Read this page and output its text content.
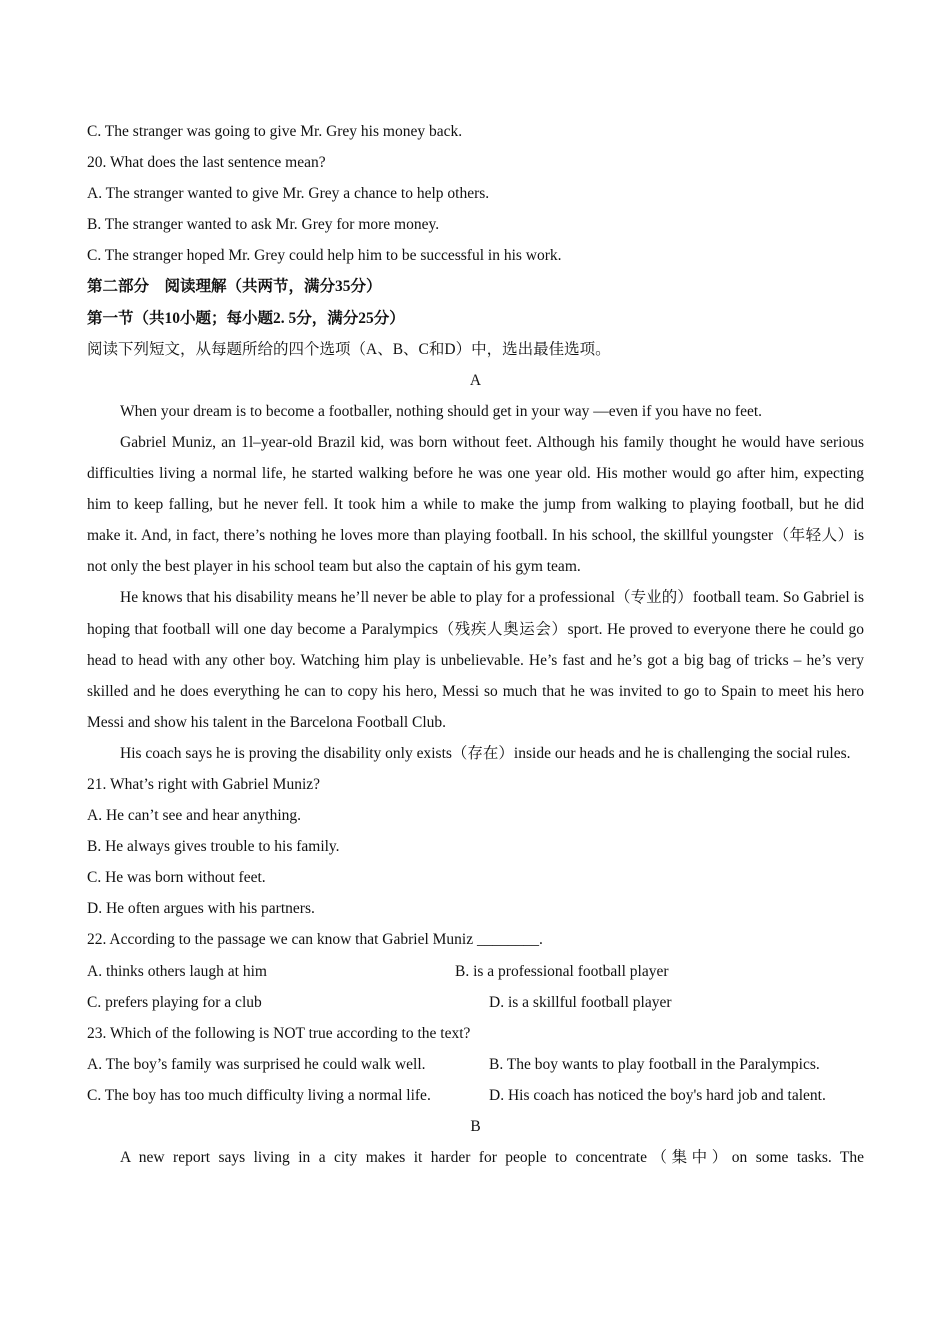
C. The stranger was going to give Mr. Grey his money back.
20. What does the last sentence mean?
A. The stranger wanted to give Mr. Grey a chance to help others.
B. The stranger wanted to ask Mr. Grey for more money.
C. The stranger hoped Mr. Grey could help him to be successful in his work.
第二部分　阅读理解（共两节，满分35分）
第一节（共10小题；每小题2. 5分，满分25分）
阅读下列短文，从每题所给的四个选项（A、B、C和D）中，选出最佳选项。
A

When your dream is to become a footballer, nothing should get in your way —even if you have no feet.

Gabriel Muniz, an 1l–year-old Brazil kid, was born without feet. Although his family thought he would have serious difficulties living a normal life, he started walking before he was one year old. His mother would go after him, expecting him to keep falling, but he never fell. It took him a while to make the jump from walking to playing football, but he did make it. And, in fact, there’s nothing he loves more than playing football. In his school, the skillful youngster（年轻人）is not only the best player in his school team but also the captain of his gym team.

He knows that his disability means he’ll never be able to play for a professional（专业的）football team. So Gabriel is hoping that football will one day become a Paralympics（残疾人奥运会）sport. He proved to everyone there he could go head to head with any other boy. Watching him play is unbelievable. He’s fast and he’s got a big bag of tricks – he’s very skilled and he does everything he can to copy his hero, Messi so much that he was invited to go to Spain to meet his hero Messi and show his talent in the Barcelona Football Club.

His coach says he is proving the disability only exists（存在）inside our heads and he is challenging the social rules.

21. What’s right with Gabriel Muniz?
A. He can’t see and hear anything.
B. He always gives trouble to his family.
C. He was born without feet.
D. He often argues with his partners.
22. According to the passage we can know that Gabriel Muniz ________.
A. thinks others laugh at him	B. is a professional football player
C. prefers playing for a club	D. is a skillful football player
23. Which of the following is NOT true according to the text?
A. The boy’s family was surprised he could walk well.	B. The boy wants to play football in the Paralympics.
C. The boy has too much difficulty living a normal life.	D. His coach has noticed the boy's hard job and talent.
B

A new report says living in a city makes it harder for people to concentrate（集中）on some tasks. The
